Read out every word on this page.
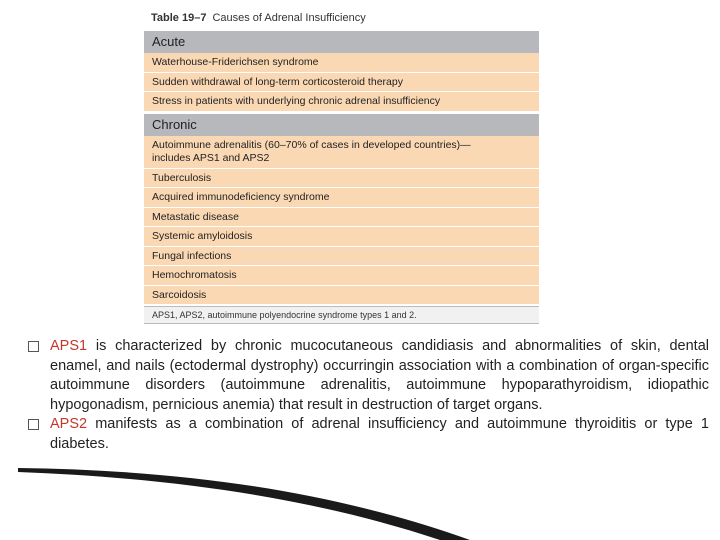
Table 19–7 Causes of Adrenal Insufficiency
Acute
Waterhouse-Friderichsen syndrome
Sudden withdrawal of long-term corticosteroid therapy
Stress in patients with underlying chronic adrenal insufficiency
Chronic
Autoimmune adrenalitis (60–70% of cases in developed countries)—
includes APS1 and APS2
Tuberculosis
Acquired immunodeficiency syndrome
Metastatic disease
Systemic amyloidosis
Fungal infections
Hemochromatosis
Sarcoidosis
APS1, APS2, autoimmune polyendocrine syndrome types 1 and 2.
APS1 is characterized by chronic mucocutaneous candidiasis and abnormalities of skin, dental enamel, and nails (ectodermal dystrophy) occurringin association with a combination of organ-specific autoimmune disorders (autoimmune adrenalitis, autoimmune hypoparathyroidism, idiopathic hypogonadism, pernicious anemia) that result in destruction of target organs.
APS2 manifests as a combination of adrenal insufficiency and autoimmune thyroiditis or type 1 diabetes.
